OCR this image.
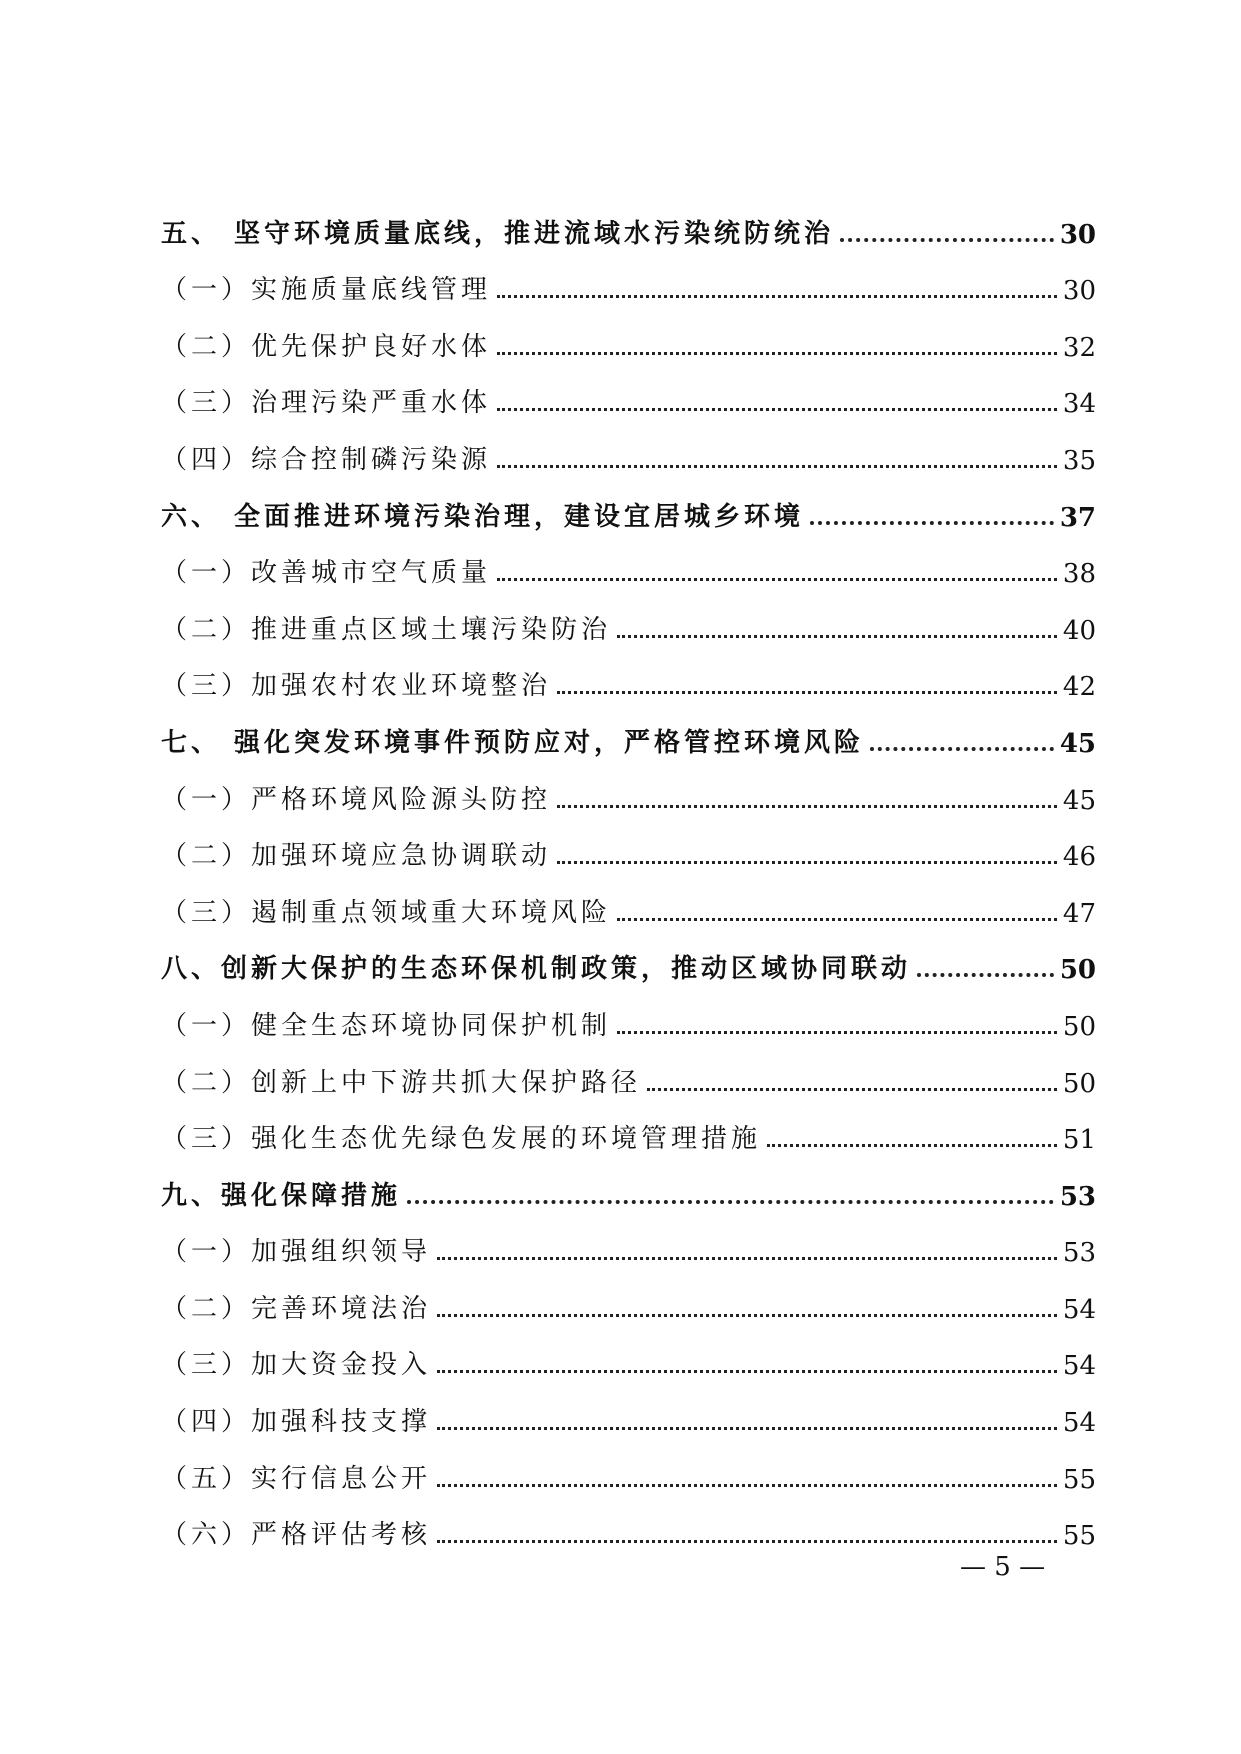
五、 坚守环境质量底线，推进流域水污染统防统治	30
（一）实施质量底线管理	30
（二）优先保护良好水体	32
（三）治理污染严重水体	34
（四）综合控制磷污染源	35
六、 全面推进环境污染治理，建设宜居城乡环境	37
（一）改善城市空气质量	38
（二）推进重点区域土壤污染防治	40
（三）加强农村农业环境整治	42
七、 强化突发环境事件预防应对，严格管控环境风险	45
（一）严格环境风险源头防控	45
（二）加强环境应急协调联动	46
（三）遏制重点领域重大环境风险	47
八、创新大保护的生态环保机制政策，推动区域协同联动	50
（一）健全生态环境协同保护机制	50
（二）创新上中下游共抓大保护路径	50
（三）强化生态优先绿色发展的环境管理措施	51
九、强化保障措施	53
（一）加强组织领导	53
（二）完善环境法治	54
（三）加大资金投入	54
（四）加强科技支撑	54
（五）实行信息公开	55
（六）严格评估考核	55
— 5 —
